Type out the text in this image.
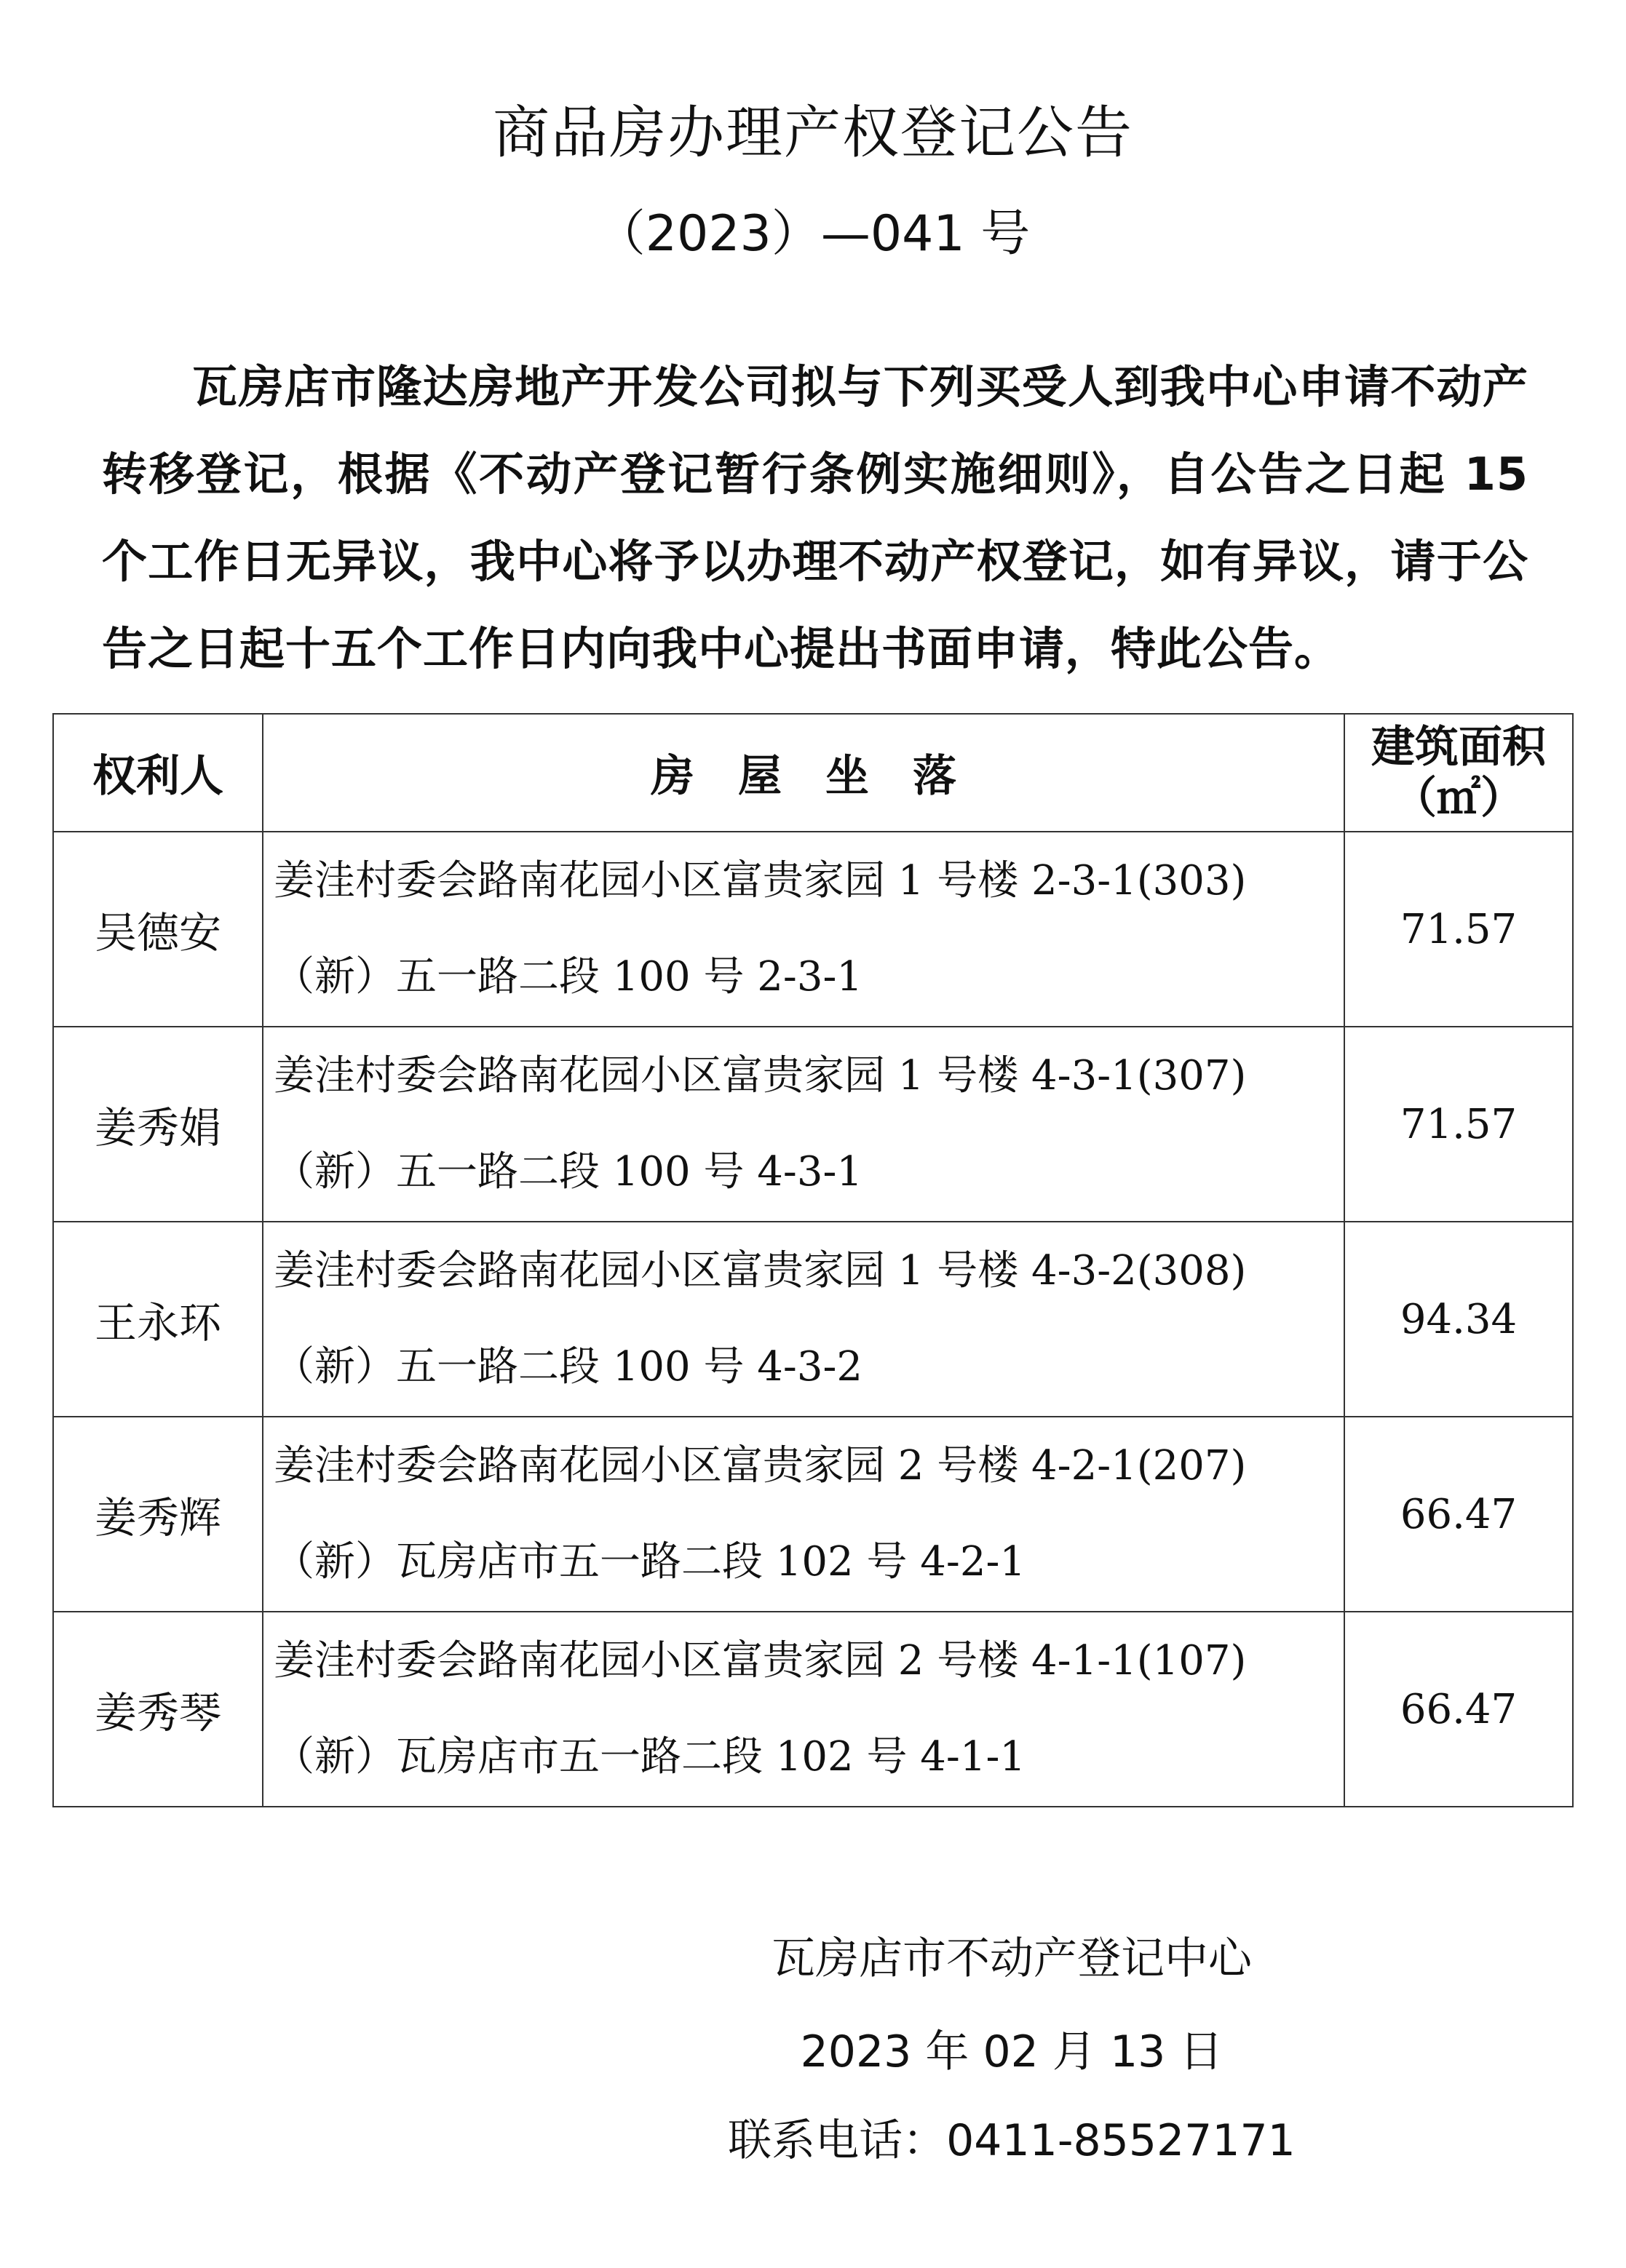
商品房办理产权登记公告
（2023）—041 号

瓦房店市隆达房地产开发公司拟与下列买受人到我中心申请不动产转移登记，根据《不动产登记暂行条例实施细则》，自公告之日起 15 个工作日无异议，我中心将予以办理不动产权登记，如有异议，请于公告之日起十五个工作日内向我中心提出书面申请，特此公告。

权利人	房　屋　坐　落	建筑面积
（㎡）
吴德安	姜洼村委会路南花园小区富贵家园 1 号楼 2-3-1(303)
（新）五一路二段 100 号 2-3-1	71.57
姜秀娟	姜洼村委会路南花园小区富贵家园 1 号楼 4-3-1(307)
（新）五一路二段 100 号 4-3-1	71.57
王永环	姜洼村委会路南花园小区富贵家园 1 号楼 4-3-2(308)
（新）五一路二段 100 号 4-3-2	94.34
姜秀辉	姜洼村委会路南花园小区富贵家园 2 号楼 4-2-1(207)
（新）瓦房店市五一路二段 102 号 4-2-1	66.47
姜秀琴	姜洼村委会路南花园小区富贵家园 2 号楼 4-1-1(107)
（新）瓦房店市五一路二段 102 号 4-1-1	66.47
瓦房店市不动产登记中心
2023 年 02 月 13 日
联系电话：0411-85527171
